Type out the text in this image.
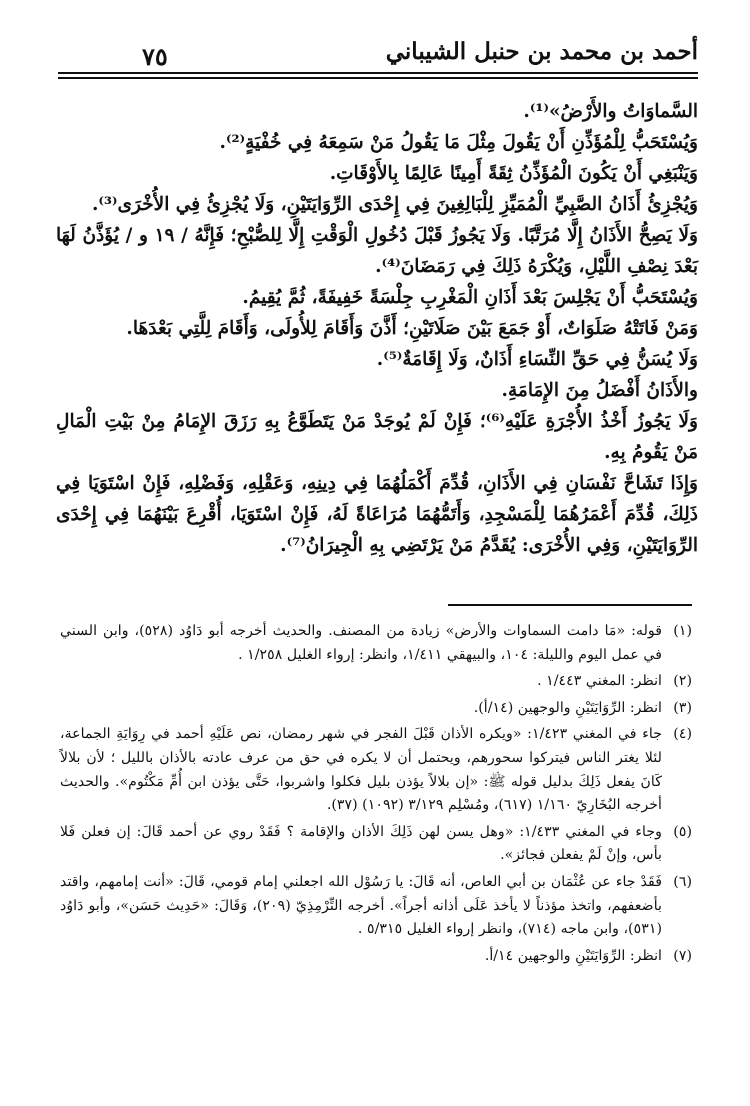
أحمد بن محمد بن حنبل الشيباني
٧٥

السَّماوَاتُ والأَرْضُ»⁽¹⁾.

وَيُسْتَحَبُّ لِلْمُؤَذِّنِ أَنْ يَقُولَ مِثْلَ مَا يَقُولُ مَنْ سَمِعَهُ فِي خُفْيَةٍ⁽²⁾.

وَيَنْبَغِي أَنْ يَكُونَ الْمُؤَذِّنُ ثِقَةً أَمِينًا عَالِمًا بِالأَوْقَاتِ.

وَيُجْزِئُ أَذَانُ الصَّبِيِّ الْمُمَيِّزِ لِلْبَالِغِينَ فِي إِحْدَى الرِّوَايَتَيْنِ، وَلَا يُجْزِئُ فِي الأُخْرَى⁽³⁾.

وَلَا يَصِحُّ الأَذَانُ إِلَّا مُرَتَّبًا. وَلَا يَجُوزُ قَبْلَ دُخُولِ الْوَقْتِ إِلَّا لِلصُّبْحِ؛ فَإِنَّهُ / ١٩ و / يُؤَذَّنُ لَهَا بَعْدَ نِصْفِ اللَّيْلِ، وَيُكْرَهُ ذَلِكَ فِي رَمَضَانَ⁽⁴⁾.

وَيُسْتَحَبُّ أَنْ يَجْلِسَ بَعْدَ أَذَانِ الْمَغْرِبِ جِلْسَةً خَفِيفَةً، ثُمَّ يُقِيمُ.

وَمَنْ فَاتَتْهُ صَلَوَاتٌ، أَوْ جَمَعَ بَيْنَ صَلَاتَيْنِ؛ أَذَّنَ وَأَقَامَ لِلأُولَى، وَأَقَامَ لِلَّتِي بَعْدَهَا.

وَلَا يُسَنُّ فِي حَقِّ النِّسَاءِ أَذَانٌ، وَلَا إِقَامَةٌ⁽⁵⁾.

والأَذَانُ أَفْضَلُ مِنَ الإِمَامَةِ.

وَلَا يَجُوزُ أَخْذُ الأُجْرَةِ عَلَيْهِ⁽⁶⁾؛ فَإِنْ لَمْ يُوجَدْ مَنْ يَتَطَوَّعُ بِهِ رَزَقَ الإِمَامُ مِنْ بَيْتِ الْمَالِ مَنْ يَقُومُ بِهِ.

وَإِذَا تَشَاحَّ نَفْسَانِ فِي الأَذَانِ، قُدِّمَ أَكْمَلُهُمَا فِي دِينِهِ، وَعَقْلِهِ، وَفَضْلِهِ، فَإِنْ اسْتَوَيَا فِي ذَلِكَ، قُدِّمَ أَعْمَرُهُمَا لِلْمَسْجِدِ، وَأَتَمُّهُمَا مُرَاعَاةً لَهُ، فَإِنْ اسْتَوَيَا، أُقْرِعَ بَيْنَهُمَا فِي إِحْدَى الرِّوَايَتَيْنِ، وَفِي الأُخْرَى: يُقَدَّمُ مَنْ يَرْتَضِي بِهِ الْجِيرَانُ⁽⁷⁾.

(١)
قوله: «مَا دامت السماوات والأرض» زيادة من المصنف. والحديث أخرجه أبو دَاوُد (٥٢٨)، وابن السني في عمل اليوم والليلة: ١٠٤، والبيهقي ١/٤١١، وانظر: إرواء الغليل ١/٢٥٨ .
(٢)
انظر: المغني ١/٤٤٣ .
(٣)
انظر: الرِّوَايَتَيْنِ والوجهين (١٤/أ).
(٤)
جاء في المغني ١/٤٢٣: «ويكره الأذان قَبْلَ الفجر في شهر رمضان، نص عَلَيْهِ أحمد في رِوَايَةِ الجماعة، لئلا يغتر الناس فيتركوا سحورهم، ويحتمل أن لا يكره في حق من عرف عادته بالأذان بالليل ؛ لأن بلالاً كَانَ يفعل ذَلِكَ بدليل قوله ﷺ: «إن بلالاً يؤذن بليل فكلوا واشربوا، حَتَّى يؤذن ابن أُمِّ مَكْتُوم». والحديث أخرجه البُخَارِيّ ١/١٦٠ (٦١٧)، ومُسْلِم ٣/١٢٩ (١٠٩٢) (٣٧).
(٥)
وجاء في المغني ١/٤٣٣: «وهل يسن لهن ذَلِكَ الأذان والإقامة ؟ فَقَدْ روي عن أحمد قَالَ: إن فعلن فَلا بأس، وإنْ لَمْ يفعلن فجائز».
(٦)
فَقَدْ جاء عن عُثْمَان بن أبي العاص، أنه قَالَ: يا رَسُوْل الله اجعلني إمام قومي، قَالَ: «أنت إمامهم، واقتد بأضعفهم، واتخذ مؤذناً لا يأخذ عَلَى أذانه أجراً». أخرجه التِّرْمِذِيّ (٢٠٩)، وَقَالَ: «حَدِيث حَسَن»، وأبو دَاوُد (٥٣١)، وابن ماجه (٧١٤)، وانظر إرواء الغليل ٥/٣١٥ .
(٧)
انظر: الرِّوَايَتَيْنِ والوجهين ١٤/أ.
